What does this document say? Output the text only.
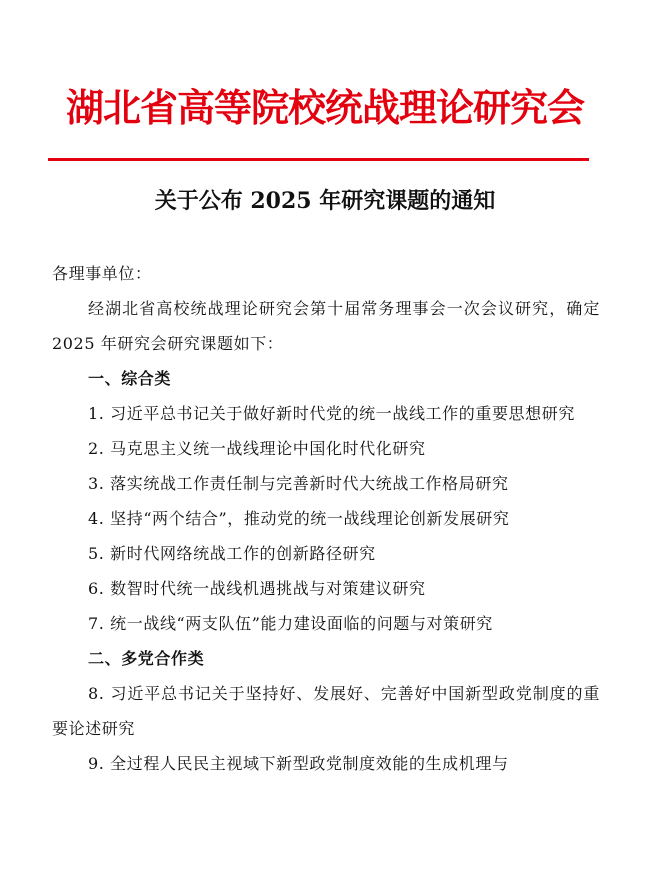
湖北省高等院校统战理论研究会
关于公布 2025 年研究课题的通知

各理事单位：

经湖北省高校统战理论研究会第十届常务理事会一次会议研究，确定 2025 年研究会研究课题如下：

一、综合类

1. 习近平总书记关于做好新时代党的统一战线工作的重要思想研究

2. 马克思主义统一战线理论中国化时代化研究

3. 落实统战工作责任制与完善新时代大统战工作格局研究

4. 坚持“两个结合”，推动党的统一战线理论创新发展研究

5. 新时代网络统战工作的创新路径研究

6. 数智时代统一战线机遇挑战与对策建议研究

7. 统一战线“两支队伍”能力建设面临的问题与对策研究

二、多党合作类

8. 习近平总书记关于坚持好、发展好、完善好中国新型政党制度的重要论述研究

9. 全过程人民民主视域下新型政党制度效能的生成机理与
